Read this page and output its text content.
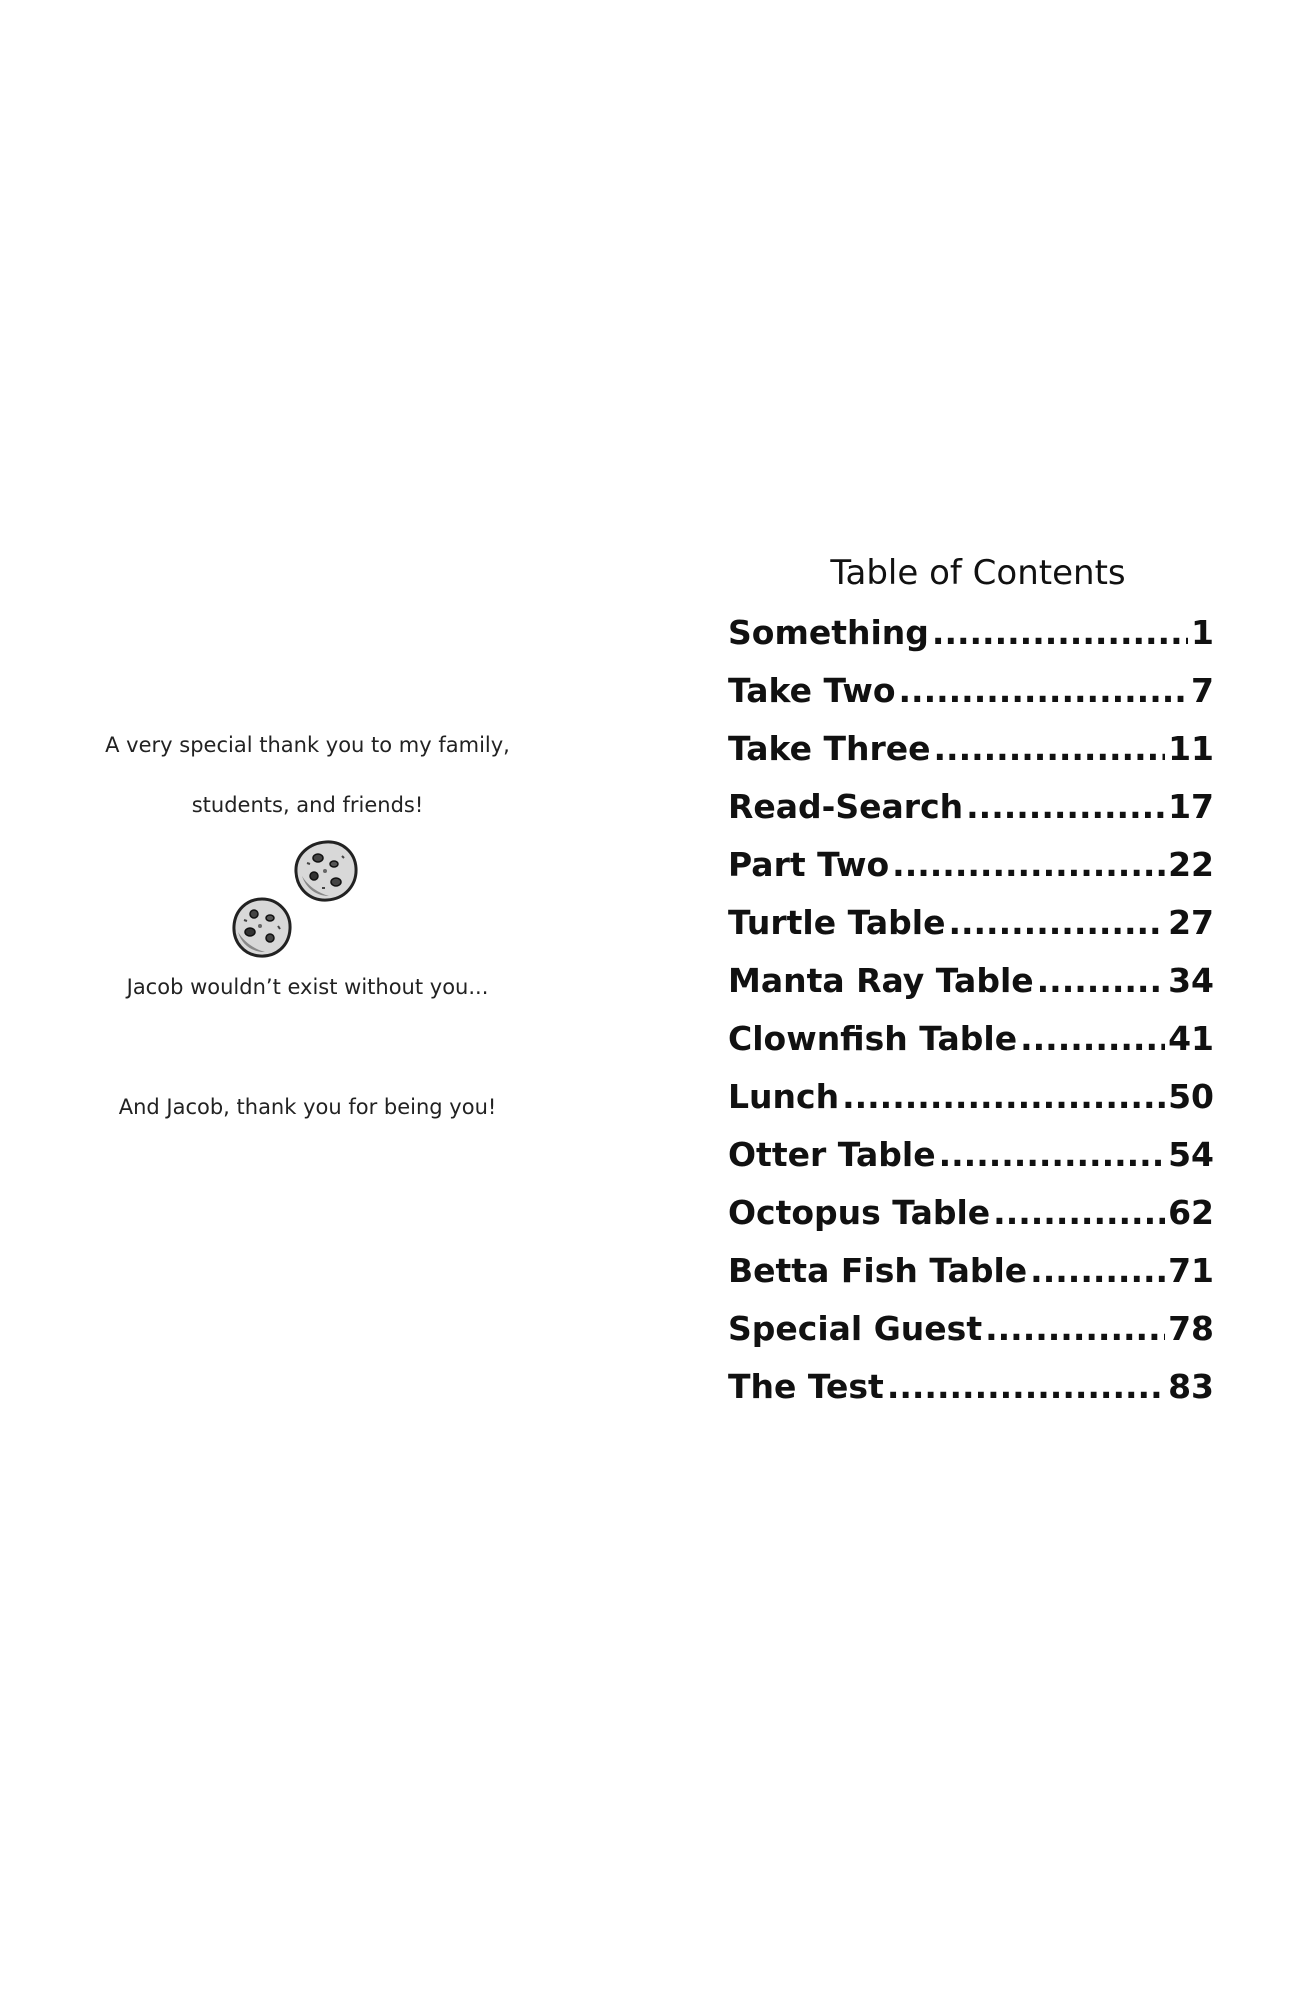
A very special thank you to my family,
students, and friends!
Jacob wouldn’t exist without you...
And Jacob, thank you for being you!
Table of Contents
Something .....	1
Take Two .....	7
Take Three .....	11
Read-Search .....	17
Part Two .....	22
Turtle Table .....	27
Manta Ray Table .....	34
Clownfish Table .....	41
Lunch .....	50
Otter Table .....	54
Octopus Table .....	62
Betta Fish Table .....	71
Special Guest .....	78
The Test .....	83
